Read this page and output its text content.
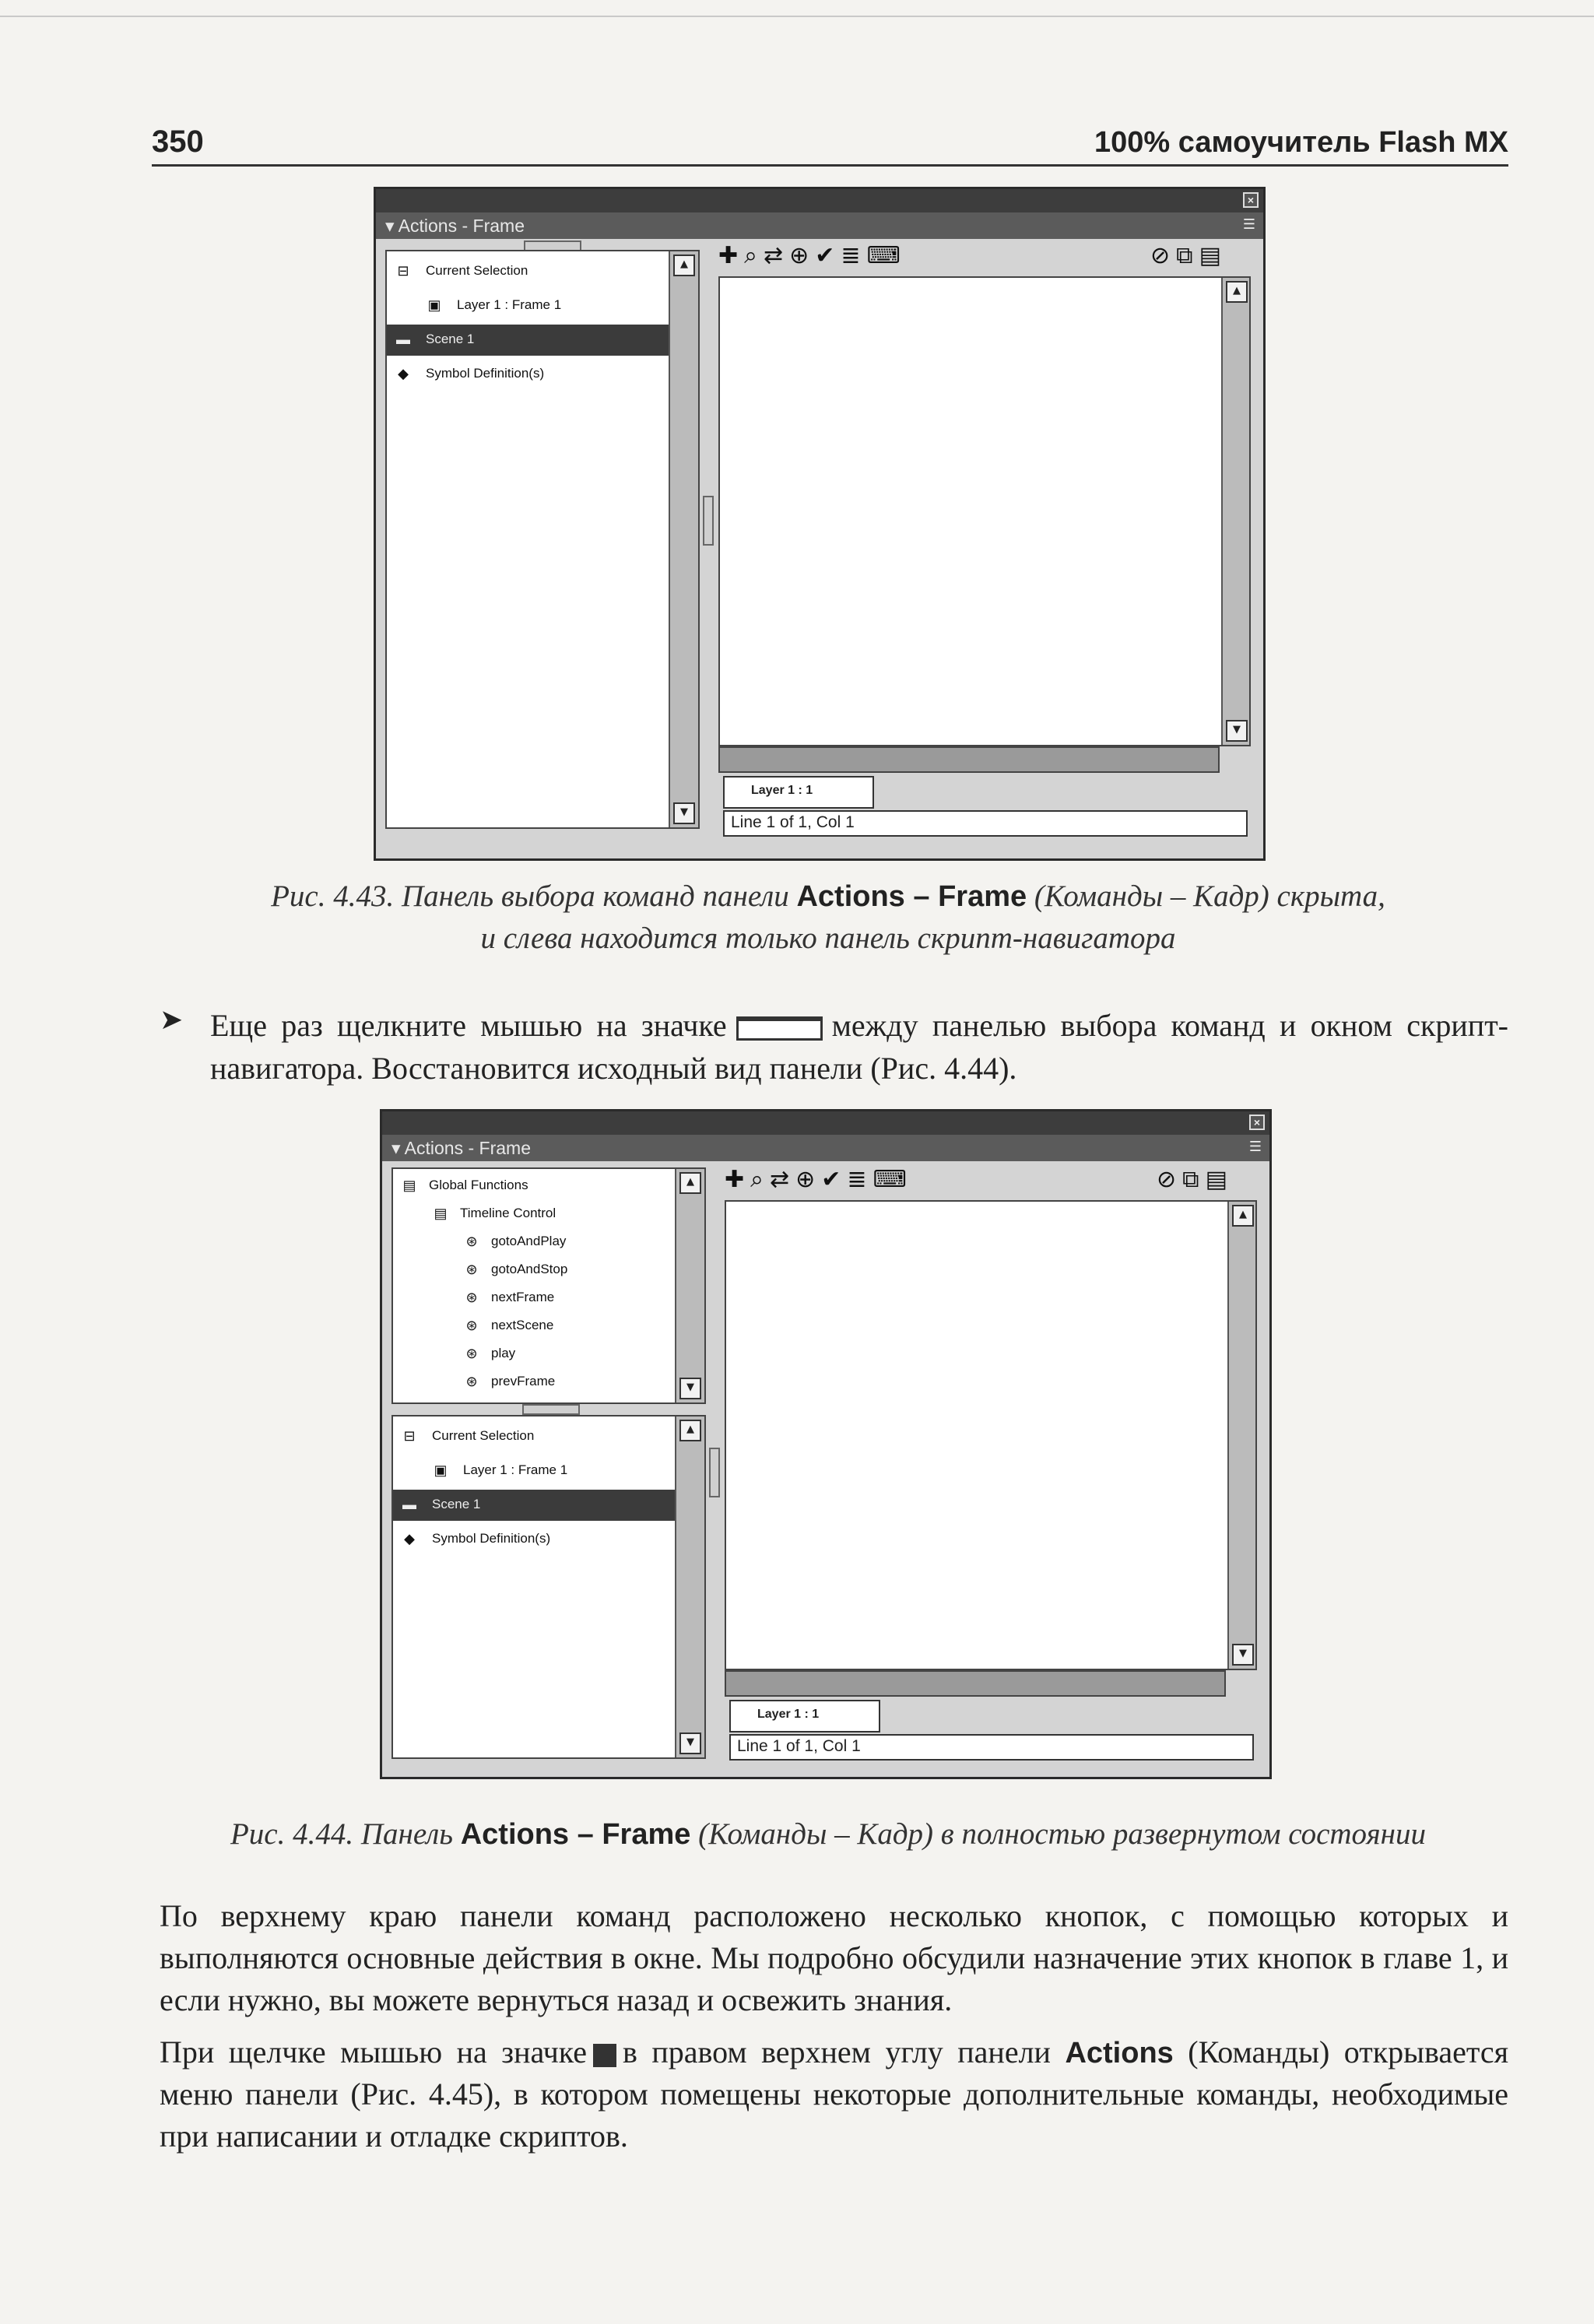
350	100% самоучитель Flash MX
×
▾ Actions - Frame	☰
⊟ Current Selection
▣ Layer 1 : Frame 1
▬ Scene 1
◆ Symbol Definition(s)
▲
▼
✚ ⌕ ⇄ ⊕ ✔ ≣ ⌨	⊘ ⧉ ▤
▲
▼
Layer 1 : 1
Line 1 of 1, Col 1
Рис. 4.43. Панель выбора команд панели Actions – Frame (Команды – Кадр) скрыта,
и слева находится только панель скрипт-навигатора
➤ Еще раз щелкните мышью на значке	между панелью выбора команд и окном скрипт-навигатора. Восстановится исходный вид панели (Рис. 4.44).
×
▾ Actions - Frame	☰
▤ Global Functions
▤ Timeline Control
⊛ gotoAndPlay
⊛ gotoAndStop
⊛ nextFrame
⊛ nextScene
⊛ play
⊛ prevFrame
▲
▼
⊟ Current Selection
▣ Layer 1 : Frame 1
▬ Scene 1
◆ Symbol Definition(s)
▲
▼
✚ ⌕ ⇄ ⊕ ✔ ≣ ⌨	⊘ ⧉ ▤
▲
▼
Layer 1 : 1
Line 1 of 1, Col 1
Рис. 4.44. Панель Actions – Frame (Команды – Кадр) в полностью развернутом состоянии
По верхнему краю панели команд расположено несколько кнопок, с помощью которых и выполняются основные действия в окне. Мы подробно обсудили назначение этих кнопок в главе 1, и если нужно, вы можете вернуться назад и освежить знания.
При щелчке мышью на значке в правом верхнем углу панели Actions (Команды) открывается меню панели (Рис. 4.45), в котором помещены некоторые дополнительные команды, необходимые при написании и отладке скриптов.
